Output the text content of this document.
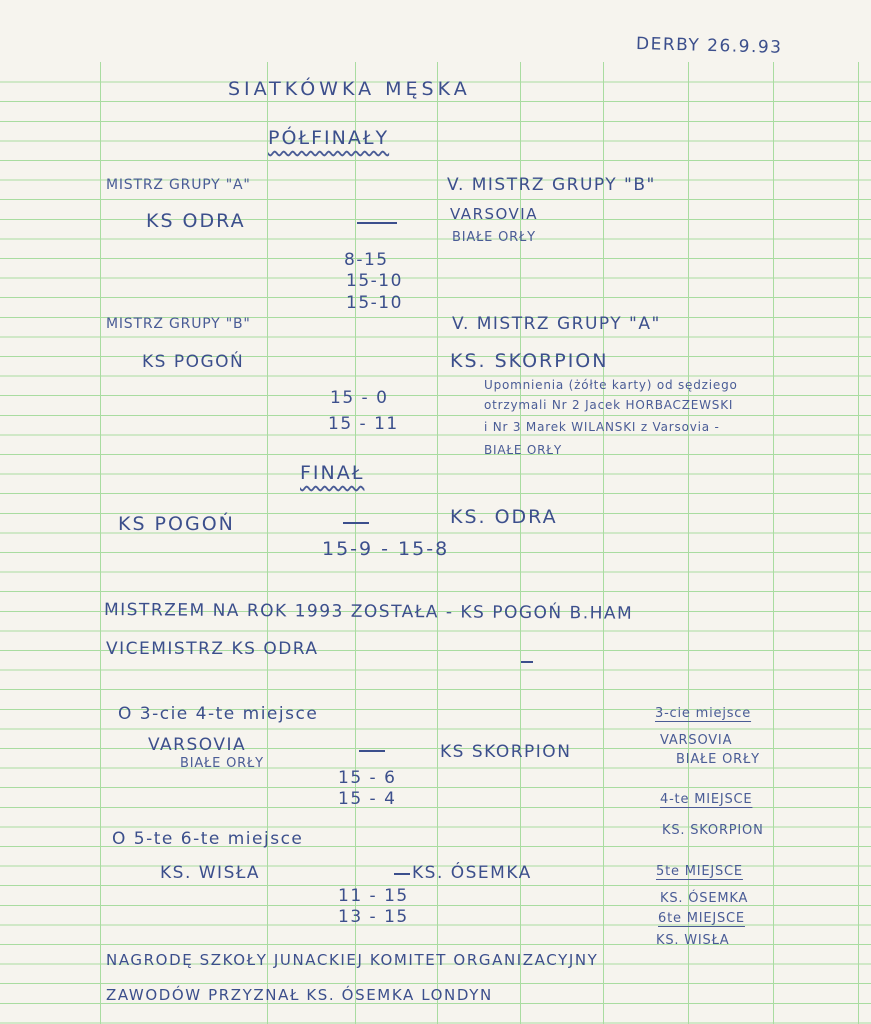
DERBY 26.9.93
SIATKÓWKA MĘSKA
PÓŁFINAŁY
MISTRZ GRUPY "A"	V. MISTRZ GRUPY "B"
KS ODRA	VARSOVIA
BIAŁE ORŁY
8-15
15-10
15-10
MISTRZ GRUPY "B"	V. MISTRZ GRUPY "A"
KS POGOŃ	KS. SKORPION
15 - 0
15 - 11
Upomnienia (żółte karty) od sędziego
otrzymali Nr 2 Jacek HORBACZEWSKI
i Nr 3 Marek WILANSKI z Varsovia -
BIAŁE ORŁY
FINAŁ
KS POGOŃ	KS. ODRA
15-9 - 15-8
MISTRZEM NA ROK 1993 ZOSTAŁA - KS POGOŃ B.HAM
VICEMISTRZ KS ODRA
O 3-cie 4-te miejsce
VARSOVIA
BIAŁE ORŁY
KS SKORPION
15 - 6
15 - 4
O 5-te 6-te miejsce
KS. WISŁA	KS. ÓSEMKA
11 - 15
13 - 15
3-cie miejsce
VARSOVIA
BIAŁE ORŁY
4-te MIEJSCE
KS. SKORPION
5te MIEJSCE
KS. ÓSEMKA
6te MIEJSCE
KS. WISŁA
NAGRODĘ SZKOŁY JUNACKIEJ KOMITET ORGANIZACYJNY
ZAWODÓW PRZYZNAŁ KS. ÓSEMKA LONDYN
